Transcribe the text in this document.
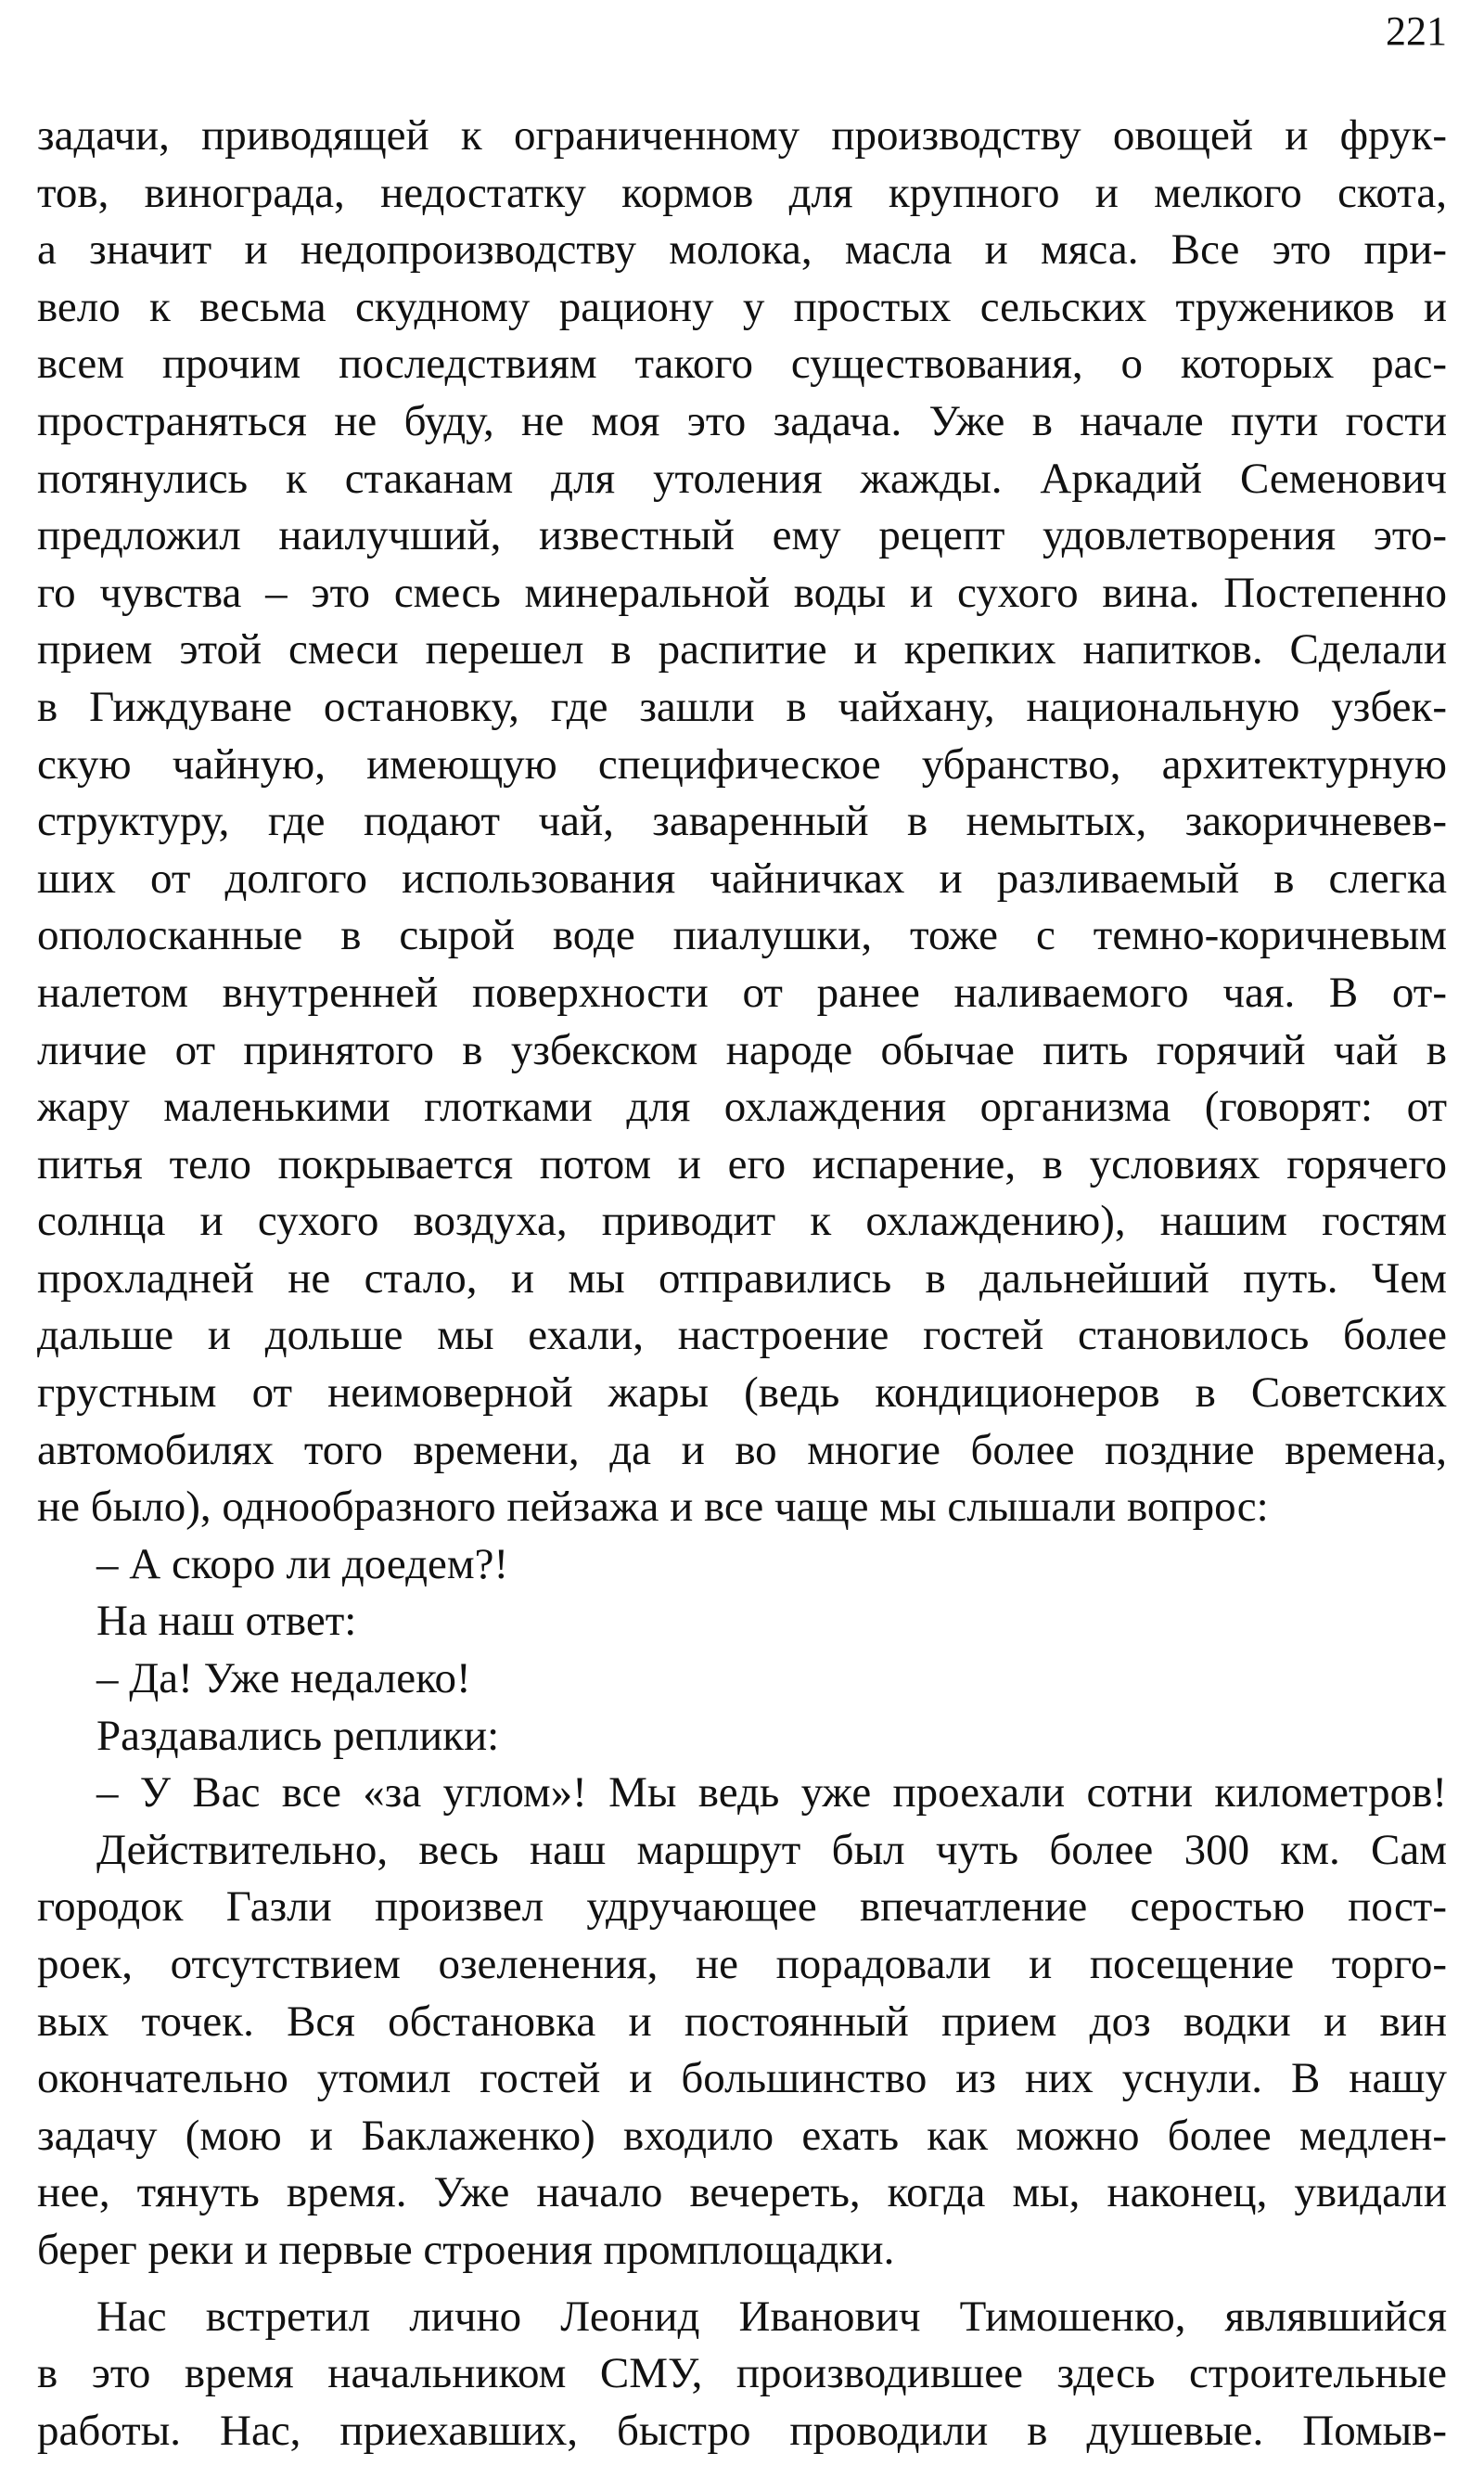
221
задачи, приводящей к ограниченному производству овощей и фрук-
тов, винограда, недостатку кормов для крупного и мелкого скота,
а значит и недопроизводству молока, масла и мяса. Все это при-
вело к весьма скудному рациону у простых сельских тружеников и
всем прочим последствиям такого существования, о которых рас-
пространяться не буду, не моя это задача. Уже в начале пути гости
потянулись к стаканам для утоления жажды. Аркадий Семенович
предложил наилучший, известный ему рецепт удовлетворения это-
го чувства – это смесь минеральной воды и сухого вина. Постепенно
прием этой смеси перешел в распитие и крепких напитков. Сделали
в Гиждуване остановку, где зашли в чайхану, национальную узбек-
скую чайную, имеющую специфическое убранство, архитектурную
структуру, где подают чай, заваренный в немытых, закоричневев-
ших от долгого использования чайничках и разливаемый в слегка
ополосканные в сырой воде пиалушки, тоже с темно-коричневым
налетом внутренней поверхности от ранее наливаемого чая. В от-
личие от принятого в узбекском народе обычае пить горячий чай в
жару маленькими глотками для охлаждения организма (говорят: от
питья тело покрывается потом и его испарение, в условиях горячего
солнца и сухого воздуха, приводит к охлаждению), нашим гостям
прохладней не стало, и мы отправились в дальнейший путь. Чем
дальше и дольше мы ехали, настроение гостей становилось более
грустным от неимоверной жары (ведь кондиционеров в Советских
автомобилях того времени, да и во многие более поздние времена,
не было), однообразного пейзажа и все чаще мы слышали вопрос:
– А скоро ли доедем?!
На наш ответ:
– Да! Уже недалеко!
Раздавались реплики:
– У Вас все «за углом»! Мы ведь уже проехали сотни километров!
Действительно, весь наш маршрут был чуть более 300 км. Сам
городок Газли произвел удручающее впечатление серостью пост-
роек, отсутствием озеленения, не порадовали и посещение торго-
вых точек. Вся обстановка и постоянный прием доз водки и вин
окончательно утомил гостей и большинство из них уснули. В нашу
задачу (мою и Баклаженко) входило ехать как можно более медлен-
нее, тянуть время. Уже начало вечереть, когда мы, наконец, увидали
берег реки и первые строения промплощадки.
Нас встретил лично Леонид Иванович Тимошенко, являвшийся
в это время начальником СМУ, производившее здесь строительные
работы. Нас, приехавших, быстро проводили в душевые. Помыв-
